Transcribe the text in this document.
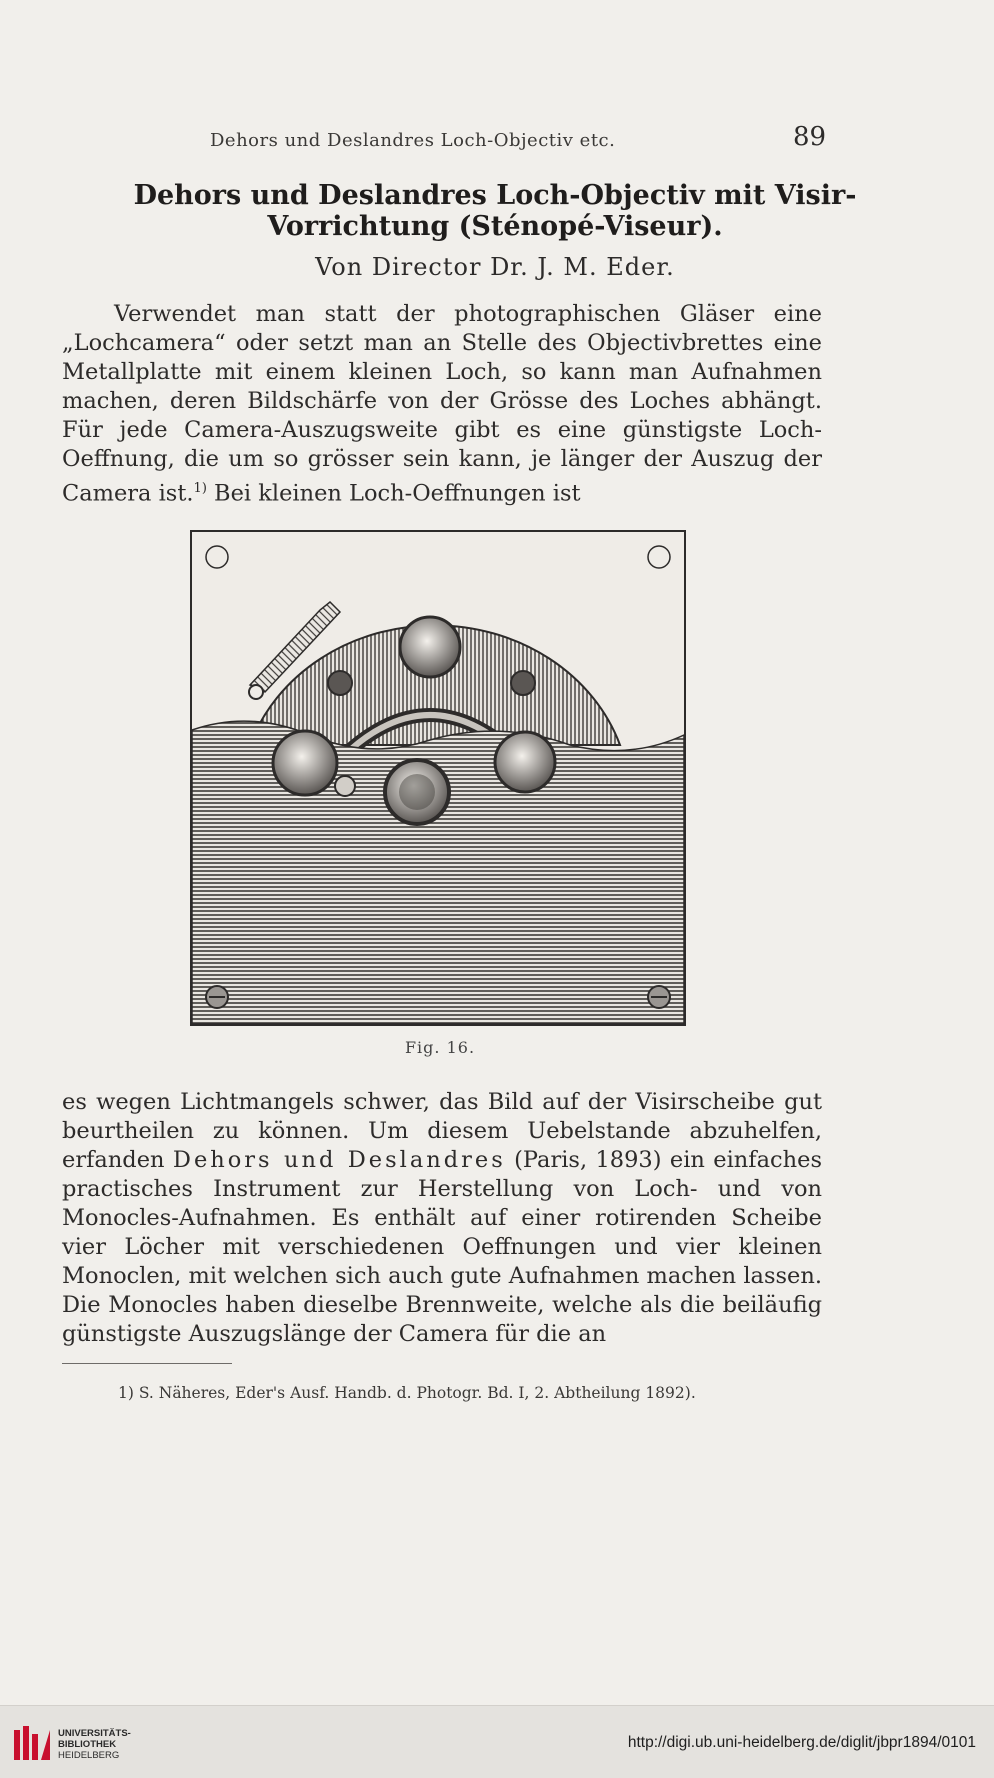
Dehors und Deslandres Loch-Objectiv etc.	89
Dehors und Deslandres Loch-Objectiv mit Visir-
Vorrichtung (Sténopé-Viseur).
Von Director Dr. J. M. Eder.
Verwendet man statt der photographischen Gläser eine „Lochcamera“ oder setzt man an Stelle des Objectivbrettes eine Metallplatte mit einem kleinen Loch, so kann man Aufnahmen machen, deren Bildschärfe von der Grösse des Loches abhängt. Für jede Camera-Auszugsweite gibt es eine günstigste Loch-Oeffnung, die um so grösser sein kann, je länger der Auszug der Camera ist.$^{1)}$ Bei kleinen Loch-Oeffnungen ist
Fig. 16.
es wegen Lichtmangels schwer, das Bild auf der Visirscheibe gut beurtheilen zu können. Um diesem Uebelstande abzuhelfen, erfanden Dehors und Deslandres (Paris, 1893) ein einfaches practisches Instrument zur Herstellung von Loch- und von Monocles-Aufnahmen. Es enthält auf einer rotirenden Scheibe vier Löcher mit verschiedenen Oeffnungen und vier kleinen Monoclen, mit welchen sich auch gute Aufnahmen machen lassen. Die Monocles haben dieselbe Brennweite, welche als die beiläufig günstigste Auszugslänge der Camera für die an
1) S. Näheres, Eder's Ausf. Handb. d. Photogr. Bd. I, 2. Abtheilung 1892).
UNIVERSITÄTS-
BIBLIOTHEK
HEIDELBERG
http://digi.ub.uni-heidelberg.de/diglit/jbpr1894/0101
